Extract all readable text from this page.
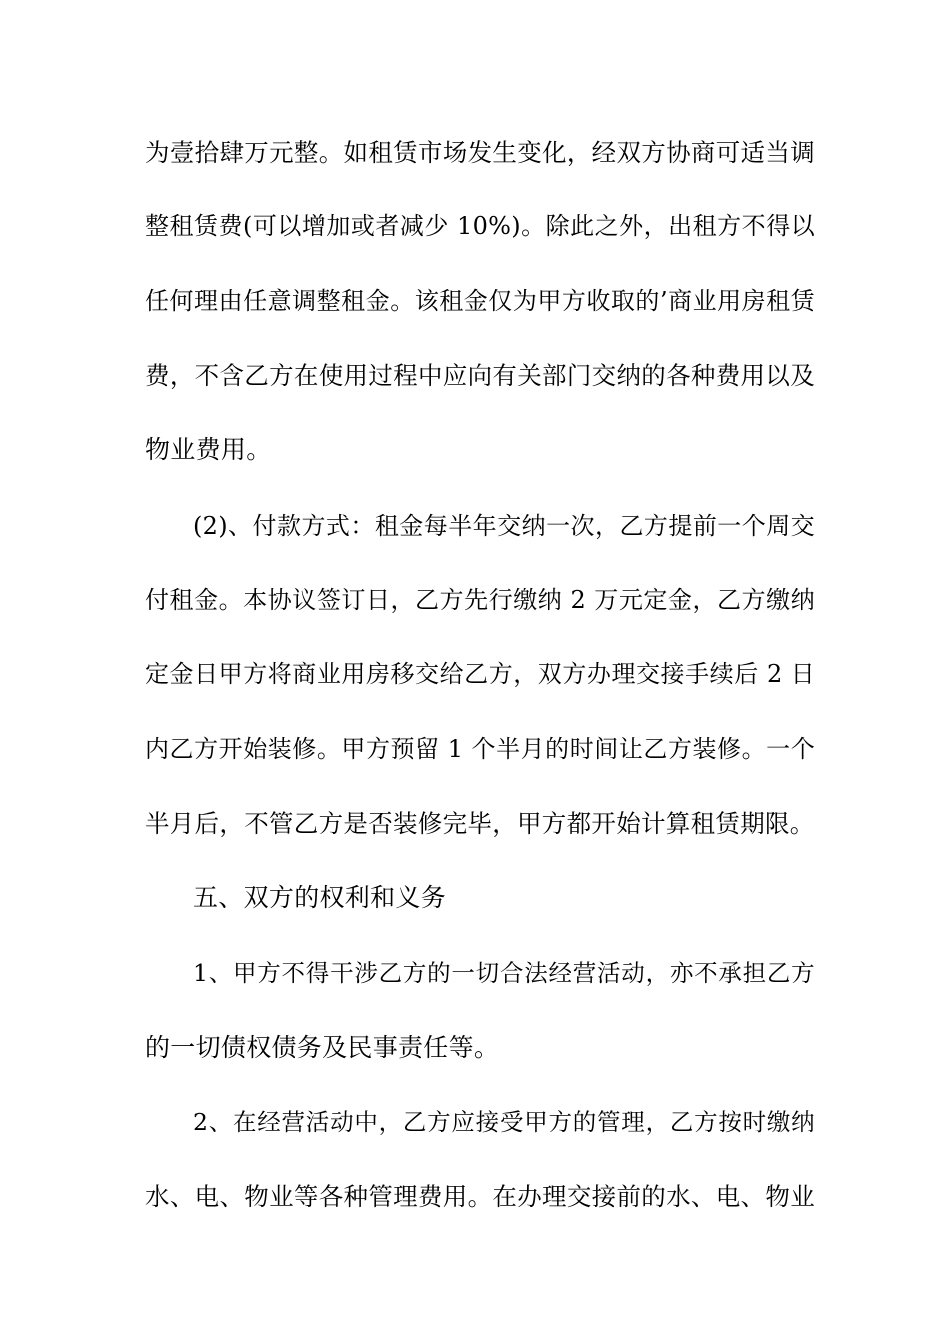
为壹拾肆万元整。如租赁市场发生变化，经双方协商可适当调
整租赁费(可以增加或者减少 10%)。除此之外，出租方不得以
任何理由任意调整租金。该租金仅为甲方收取的’商业用房租赁
费，不含乙方在使用过程中应向有关部门交纳的各种费用以及
物业费用。
(2)、付款方式：租金每半年交纳一次，乙方提前一个周交
付租金。本协议签订日，乙方先行缴纳 2 万元定金，乙方缴纳
定金日甲方将商业用房移交给乙方，双方办理交接手续后 2 日
内乙方开始装修。甲方预留 1 个半月的时间让乙方装修。一个
半月后，不管乙方是否装修完毕，甲方都开始计算租赁期限。
五、双方的权利和义务
1、甲方不得干涉乙方的一切合法经营活动，亦不承担乙方
的一切债权债务及民事责任等。
2、在经营活动中，乙方应接受甲方的管理，乙方按时缴纳
水、电、物业等各种管理费用。在办理交接前的水、电、物业
